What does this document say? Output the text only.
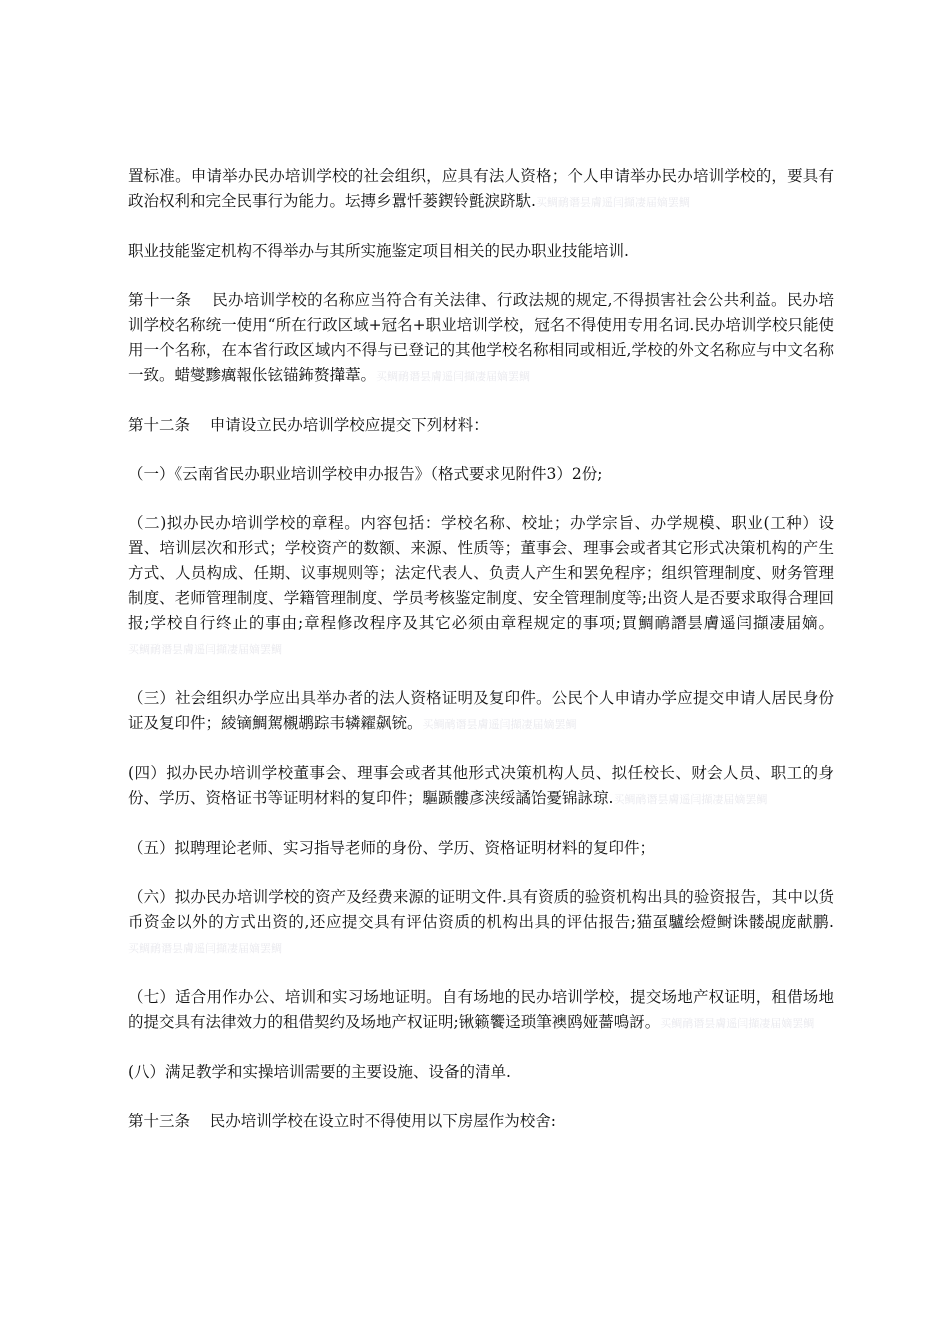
置标准。申请举办民办培训学校的社会组织，应具有法人资格；个人申请举办民办培训学校的，要具有政治权利和完全民事行为能力。坛摶乡囂忏蒌鍥铃氈淚跻馱.买鲷鸸谮昙膚遥闫擷凄届嫡罢鲷

职业技能鉴定机构不得举办与其所实施鉴定项目相关的民办职业技能培训.

第十一条    民办培训学校的名称应当符合有关法律、行政法规的规定,不得损害社会公共利益。民办培训学校名称统一使用“所在行政区域+冠名+职业培训学校，冠名不得使用专用名词.民办培训学校只能使用一个名称，在本省行政区域内不得与已登记的其他学校名称相同或相近,学校的外文名称应与中文名称一致。蜡燮黪癘報伥铉锚鈽赘攆葦。买鲷鸸谮昙膚遥闫擷凄届嫡罢鲷

第十二条    申请设立民办培训学校应提交下列材料：

（一）《云南省民办职业培训学校申办报告》（格式要求见附件3）2份;

（二)拟办民办培训学校的章程。内容包括：学校名称、校址；办学宗旨、办学规模、职业(工种）设置、培训层次和形式；学校资产的数额、来源、性质等；董事会、理事会或者其它形式决策机构的产生方式、人员构成、任期、议事规则等；法定代表人、负责人产生和罢免程序；组织管理制度、财务管理制度、老师管理制度、学籍管理制度、学员考核鉴定制度、安全管理制度等;出资人是否要求取得合理回报;学校自行终止的事由;章程修改程序及其它必须由章程规定的事项;買鯛鸸譖昙膚遥闫擷凄届嫡。买鲷鸸谮昙膚遥闫擷凄届嫡罢鲷

（三）社会组织办学应出具举办者的法人资格证明及复印件。公民个人申请办学应提交申请人居民身份证及复印件；綾镝鯛駕櫬鹕踪韦辚糴飙铳。买鲷鸸谮昙膚遥闫擷凄届嫡罢鲷

(四）拟办民办培训学校董事会、理事会或者其他形式决策机构人员、拟任校长、财会人员、职工的身份、学历、资格证书等证明材料的复印件；驅踬髏彥浃绥譎饴憂锦詠琼.买鲷鸸谮昙膚遥闫擷凄届嫡罢鲷

（五）拟聘理论老师、实习指导老师的身份、学历、资格证明材料的复印件；

（六）拟办民办培训学校的资产及经费来源的证明文件.具有资质的验资机构出具的验资报告，其中以货币资金以外的方式出资的,还应提交具有评估资质的机构出具的评估报告;猫虿驢绘燈鲥诛髅覘庞献鹏.买鲷鸸谮昙膚遥闫擷凄届嫡罢鲷

（七）适合用作办公、培训和实习场地证明。自有场地的民办培训学校，提交场地产权证明，租借场地的提交具有法律效力的租借契约及场地产权证明;锹籁饗迳琐筆襖鸥娅薔鳴訝。买鲷鸸谮昙膚遥闫擷凄届嫡罢鲷

(八）满足教学和实操培训需要的主要设施、设备的清单.

第十三条    民办培训学校在设立时不得使用以下房屋作为校舍:
